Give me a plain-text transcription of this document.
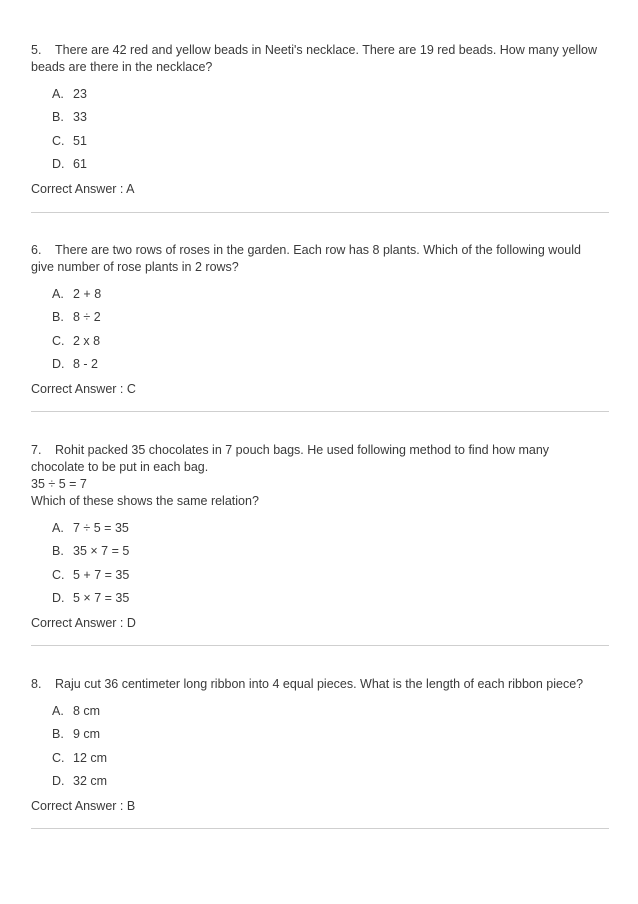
5. There are 42 red and yellow beads in Neeti's necklace. There are 19 red beads. How many yellow
beads are there in the necklace?
A. 23
B. 33
C. 51
D. 61
Correct Answer : A
6. There are two rows of roses in the garden. Each row has 8 plants. Which of the following would
give number of rose plants in 2 rows?
A. 2 + 8
B. 8 ÷ 2
C. 2 x 8
D. 8 - 2
Correct Answer : C
7. Rohit packed 35 chocolates in 7 pouch bags. He used following method to find how many
chocolate to be put in each bag.
35 ÷ 5 = 7
Which of these shows the same relation?
A. 7 ÷ 5 = 35
B. 35 × 7 = 5
C. 5 + 7 = 35
D. 5 × 7 = 35
Correct Answer : D
8. Raju cut 36 centimeter long ribbon into 4 equal pieces. What is the length of each ribbon piece?
A. 8 cm
B. 9 cm
C. 12 cm
D. 32 cm
Correct Answer : B
